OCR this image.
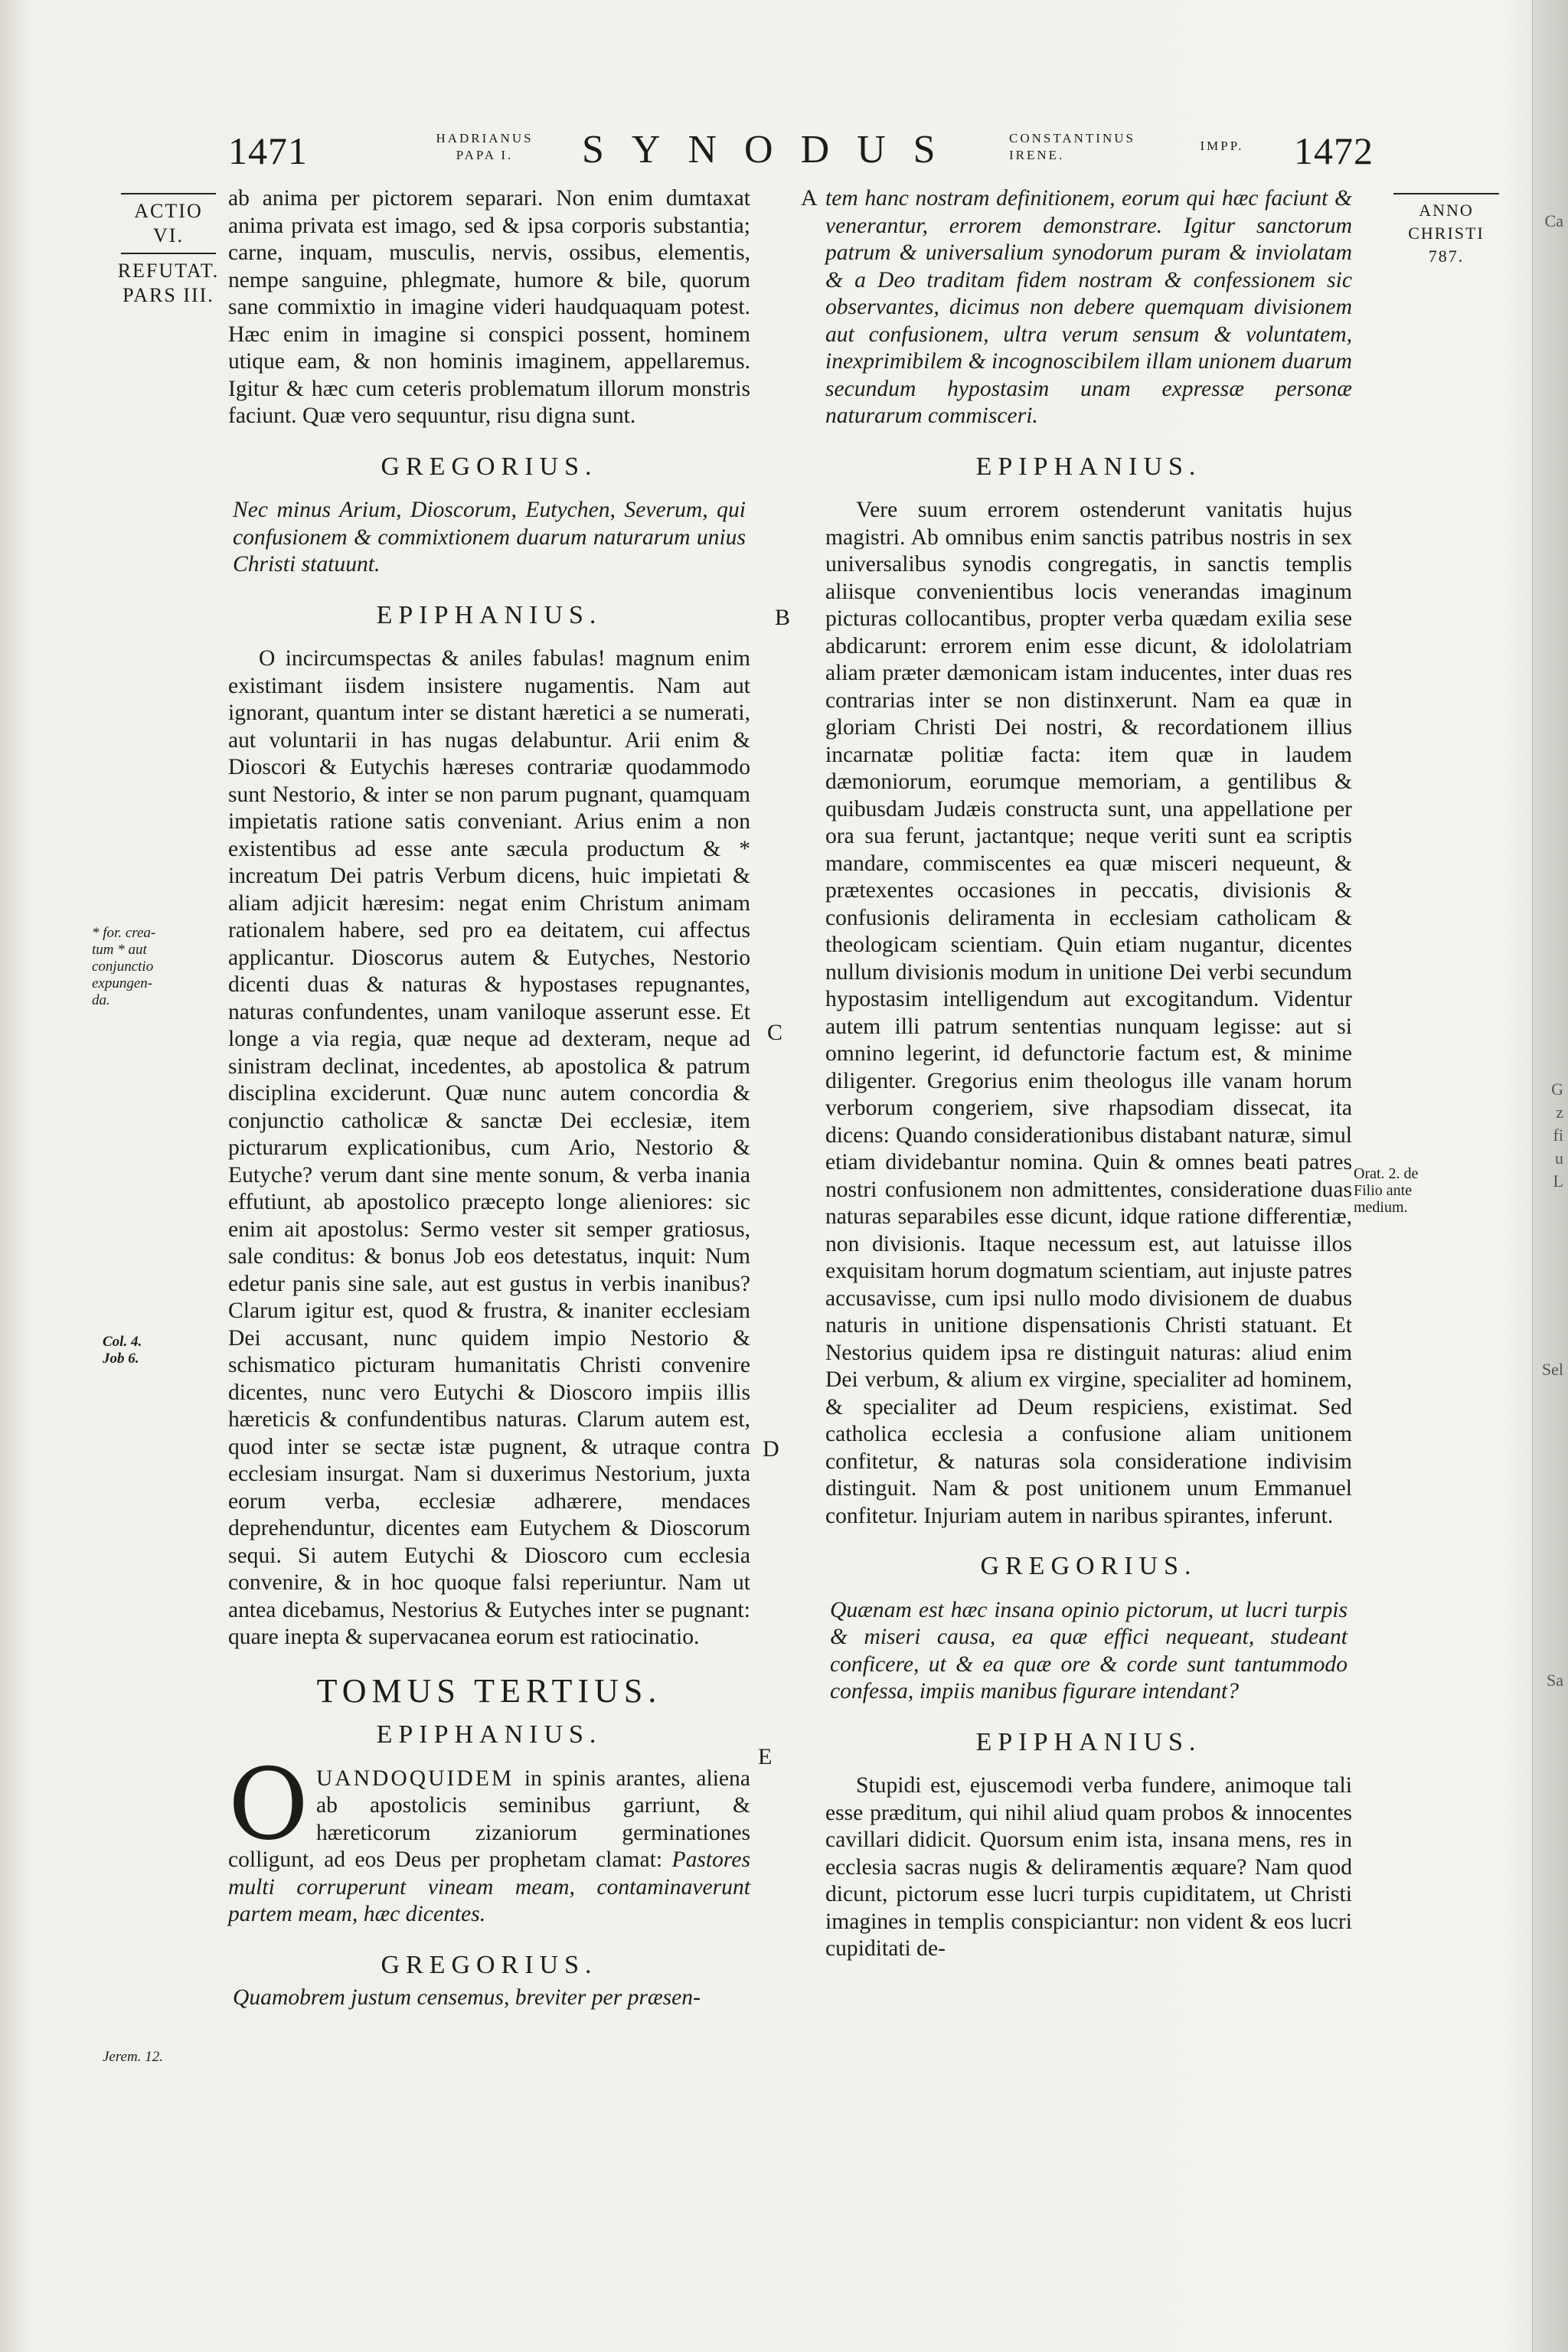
1471	HADRIANUS
PAPA I.	SYNODUS	CONSTANTINUS
IRENE.
IMPP. 1472
ACTIO
VI.
REFUTAT.
PARS III.
ANNO
CHRISTI
787.
* for. crea-
tum * aut
conjunctio
expungen-
da.
Col. 4.
Job 6.
Jerem. 12.
Orat. 2. de
Filio ante
medium.
A
B
C
D
E

ab anima per pictorem separari. Non enim dumtaxat anima privata est imago, sed & ipsa corporis substantia; carne, inquam, musculis, nervis, ossibus, elementis, nempe sanguine, phlegmate, humore & bile, quorum sane commixtio in imagine videri haudquaquam potest. Hæc enim in imagine si conspici possent, hominem utique eam, & non hominis imaginem, appellaremus. Igitur & hæc cum ceteris problematum illorum monstris faciunt. Quæ vero sequuntur, risu digna sunt.

GREGORIUS.

Nec minus Arium, Dioscorum, Eutychen, Severum, qui confusionem & commixtionem duarum naturarum unius Christi statuunt.

EPIPHANIUS.

O incircumspectas & aniles fabulas! magnum enim existimant iisdem insistere nugamentis. Nam aut ignorant, quantum inter se distant hæretici a se numerati, aut voluntarii in has nugas delabuntur. Arii enim & Dioscori & Eutychis hæreses contrariæ quodammodo sunt Nestorio, & inter se non parum pugnant, quamquam impietatis ratione satis conveniant. Arius enim a non existentibus ad esse ante sæcula productum & * increatum Dei patris Verbum dicens, huic impietati & aliam adjicit hæresim: negat enim Christum animam rationalem habere, sed pro ea deitatem, cui affectus applicantur. Dioscorus autem & Eutyches, Nestorio dicenti duas & naturas & hypostases repugnantes, naturas confundentes, unam vaniloque asserunt esse. Et longe a via regia, quæ neque ad dexteram, neque ad sinistram declinat, incedentes, ab apostolica & patrum disciplina exciderunt. Quæ nunc autem concordia & conjunctio catholicæ & sanctæ Dei ecclesiæ, item picturarum explicationibus, cum Ario, Nestorio & Eutyche? verum dant sine mente sonum, & verba inania effutiunt, ab apostolico præcepto longe alieniores: sic enim ait apostolus: Sermo vester sit semper gratiosus, sale conditus: & bonus Job eos detestatus, inquit: Num edetur panis sine sale, aut est gustus in verbis inanibus? Clarum igitur est, quod & frustra, & inaniter ecclesiam Dei accusant, nunc quidem impio Nestorio & schismatico picturam humanitatis Christi convenire dicentes, nunc vero Eutychi & Dioscoro impiis illis hæreticis & confundentibus naturas. Clarum autem est, quod inter se sectæ istæ pugnent, & utraque contra ecclesiam insurgat. Nam si duxerimus Nestorium, juxta eorum verba, ecclesiæ adhærere, mendaces deprehenduntur, dicentes eam Eutychem & Dioscorum sequi. Si autem Eutychi & Dioscoro cum ecclesia convenire, & in hoc quoque falsi reperiuntur. Nam ut antea dicebamus, Nestorius & Eutyches inter se pugnant: quare inepta & supervacanea eorum est ratiocinatio.

TOMUS TERTIUS.
EPIPHANIUS.
O UANDOQUIDEM in spinis arantes, aliena ab apostolicis seminibus garriunt, & hæreticorum zizaniorum germinationes colligunt, ad eos Deus per prophetam clamat: Pastores multi corruperunt vineam meam, contaminaverunt partem meam, hæc dicentes.
GREGORIUS.

Quamobrem justum censemus, breviter per præsen-

tem hanc nostram definitionem, eorum qui hæc faciunt & venerantur, errorem demonstrare. Igitur sanctorum patrum & universalium synodorum puram & inviolatam & a Deo traditam fidem nostram & confessionem sic observantes, dicimus non debere quemquam divisionem aut confusionem, ultra verum sensum & voluntatem, inexprimibilem & incognoscibilem illam unionem duarum secundum hypostasim unam expressæ personæ naturarum commisceri.

EPIPHANIUS.

Vere suum errorem ostenderunt vanitatis hujus magistri. Ab omnibus enim sanctis patribus nostris in sex universalibus synodis congregatis, in sanctis templis aliisque convenientibus locis venerandas imaginum picturas collocantibus, propter verba quædam exilia sese abdicarunt: errorem enim esse dicunt, & idololatriam aliam præter dæmonicam istam inducentes, inter duas res contrarias inter se non distinxerunt. Nam ea quæ in gloriam Christi Dei nostri, & recordationem illius incarnatæ politiæ facta: item quæ in laudem dæmoniorum, eorumque memoriam, a gentilibus & quibusdam Judæis constructa sunt, una appellatione per ora sua ferunt, jactantque; neque veriti sunt ea scriptis mandare, commiscentes ea quæ misceri nequeunt, & prætexentes occasiones in peccatis, divisionis & confusionis deliramenta in ecclesiam catholicam & theologicam scientiam. Quin etiam nugantur, dicentes nullum divisionis modum in unitione Dei verbi secundum hypostasim intelligendum aut excogitandum. Videntur autem illi patrum sententias nunquam legisse: aut si omnino legerint, id defunctorie factum est, & minime diligenter. Gregorius enim theologus ille vanam horum verborum congeriem, sive rhapsodiam dissecat, ita dicens: Quando considerationibus distabant naturæ, simul etiam dividebantur nomina. Quin & omnes beati patres nostri confusionem non admittentes, consideratione duas naturas separabiles esse dicunt, idque ratione differentiæ, non divisionis. Itaque necessum est, aut latuisse illos exquisitam horum dogmatum scientiam, aut injuste patres accusavisse, cum ipsi nullo modo divisionem de duabus naturis in unitione dispensationis Christi statuant. Et Nestorius quidem ipsa re distinguit naturas: aliud enim Dei verbum, & alium ex virgine, specialiter ad hominem, & specialiter ad Deum respiciens, existimat. Sed catholica ecclesia a confusione aliam unitionem confitetur, & naturas sola consideratione indivisim distinguit. Nam & post unitionem unum Emmanuel confitetur. Injuriam autem in naribus spirantes, inferunt.

GREGORIUS.

Quænam est hæc insana opinio pictorum, ut lucri turpis & miseri causa, ea quæ effici nequeant, studeant conficere, ut & ea quæ ore & corde sunt tantummodo confessa, impiis manibus figurare intendant?

EPIPHANIUS.

Stupidi est, ejuscemodi verba fundere, animoque tali esse præditum, qui nihil aliud quam probos & innocentes cavillari didicit. Quorsum enim ista, insana mens, res in ecclesia sacras nugis & deliramentis æquare? Nam quod dicunt, pictorum esse lucri turpis cupiditatem, ut Christi imagines in templis conspiciantur: non vident & eos lucri cupiditati de-

Ca
G
z
fi
u
L
Sel
Sa
